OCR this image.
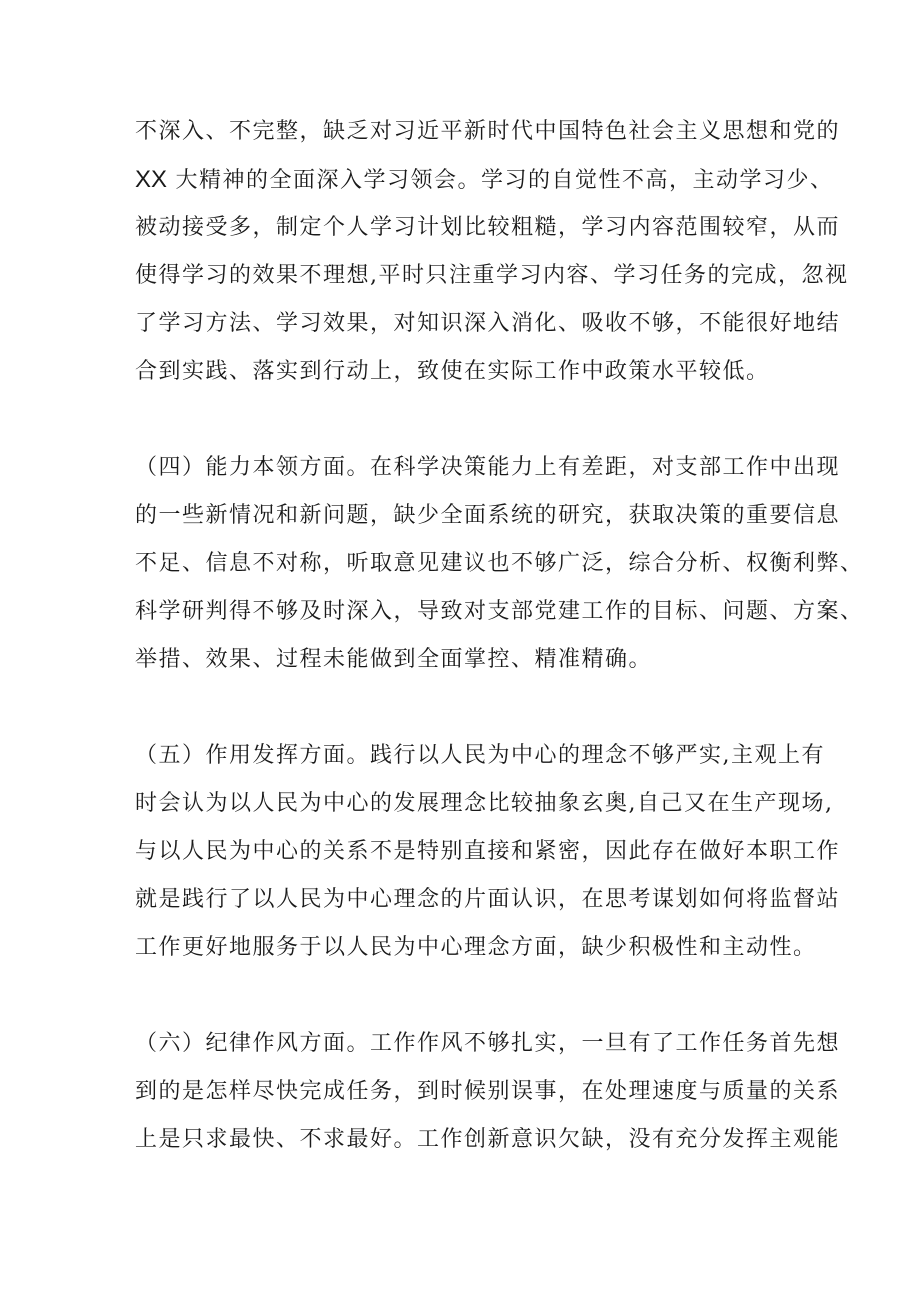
不深入、不完整，缺乏对习近平新时代中国特色社会主义思想和党的
XX 大精神的全面深入学习领会。学习的自觉性不高，主动学习少、
被动接受多，制定个人学习计划比较粗糙，学习内容范围较窄，从而
使得学习的效果不理想,平时只注重学习内容、学习任务的完成，忽视
了学习方法、学习效果，对知识深入消化、吸收不够，不能很好地结
合到实践、落实到行动上，致使在实际工作中政策水平较低。
（四）能力本领方面。在科学决策能力上有差距，对支部工作中出现
的一些新情况和新问题，缺少全面系统的研究，获取决策的重要信息
不足、信息不对称，听取意见建议也不够广泛，综合分析、权衡利弊、
科学研判得不够及时深入，导致对支部党建工作的目标、问题、方案、
举措、效果、过程未能做到全面掌控、精准精确。
（五）作用发挥方面。践行以人民为中心的理念不够严实,主观上有
时会认为以人民为中心的发展理念比较抽象玄奥,自己又在生产现场,
与以人民为中心的关系不是特别直接和紧密，因此存在做好本职工作
就是践行了以人民为中心理念的片面认识，在思考谋划如何将监督站
工作更好地服务于以人民为中心理念方面，缺少积极性和主动性。
（六）纪律作风方面。工作作风不够扎实，一旦有了工作任务首先想
到的是怎样尽快完成任务，到时候别误事，在处理速度与质量的关系
上是只求最快、不求最好。工作创新意识欠缺，没有充分发挥主观能
